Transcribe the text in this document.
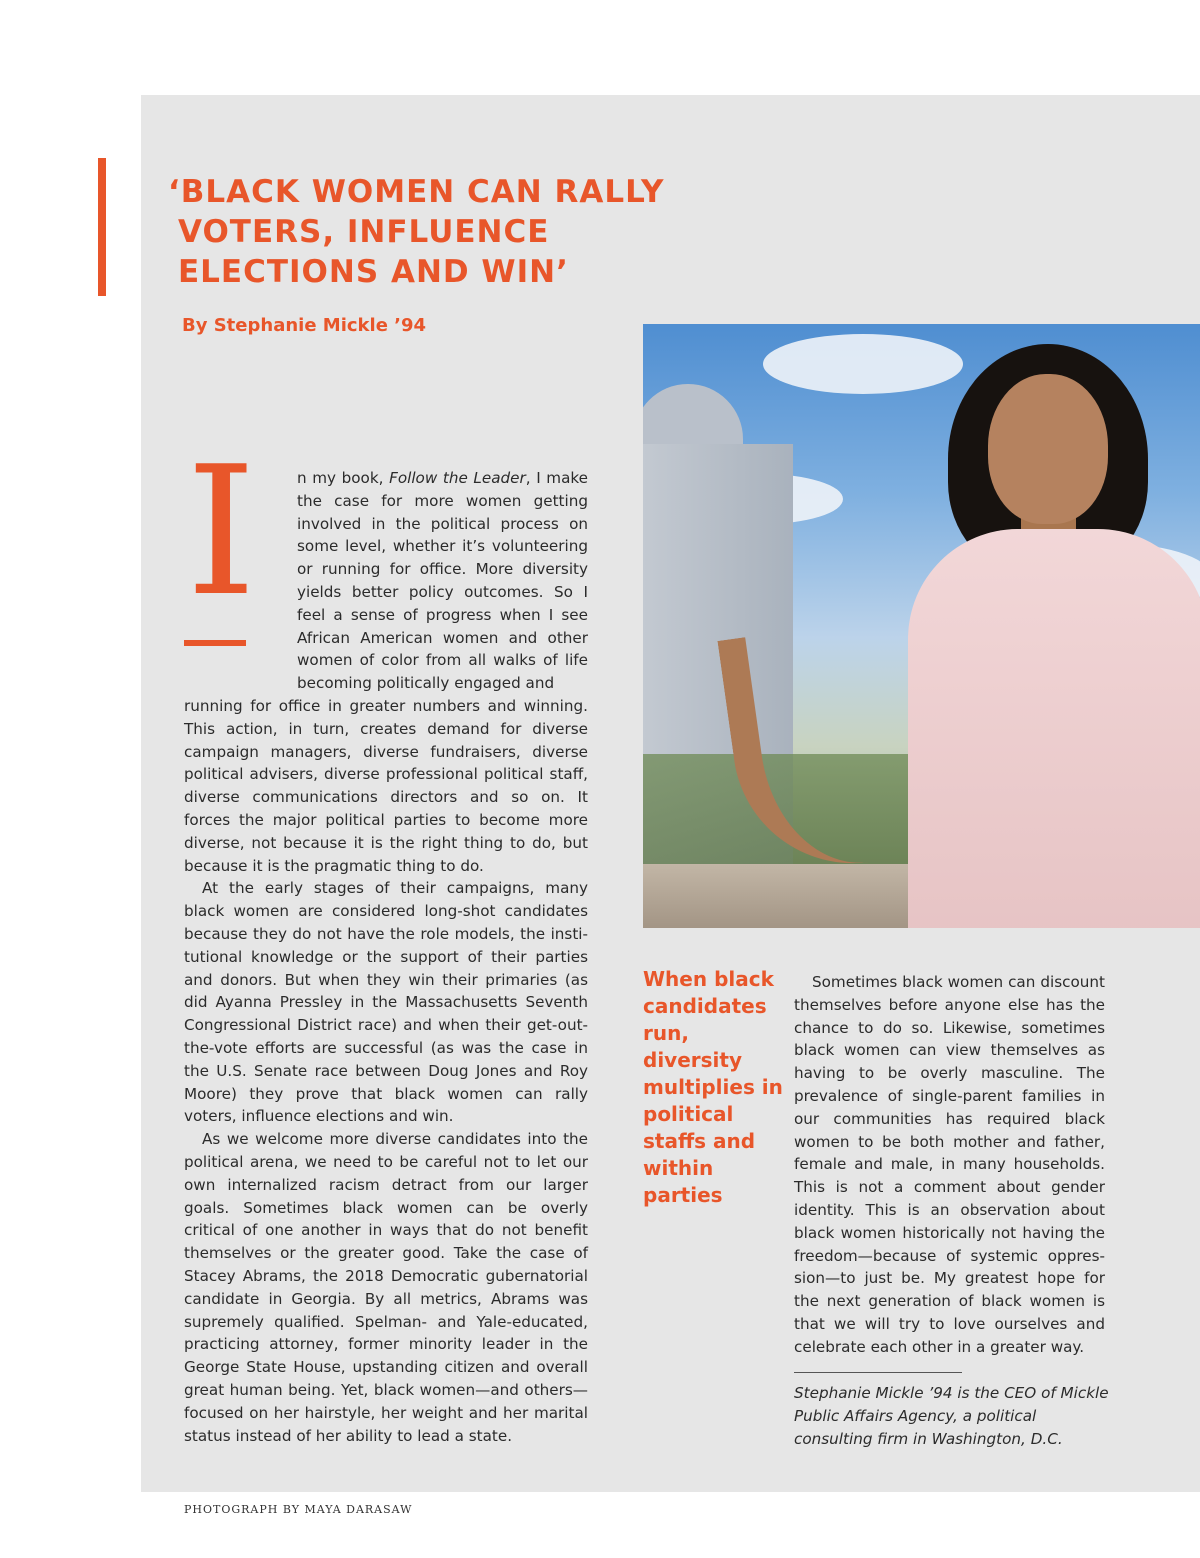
‘BLACK WOMEN CAN RALLY
VOTERS, INFLUENCE
ELECTIONS AND WIN’

By Stephanie Mickle ’94

I	n my book, Follow the Leader, I make the case for more women getting involved in the political process on some level, whether it’s volunteering or running for office. More diversity yields better policy outcomes. So I feel a sense of progress when I see African American women and other women of color from all walks of life becoming politically engaged and

running for office in greater numbers and winning. This action, in turn, creates demand for diverse campaign managers, diverse fundraisers, diverse political advisers, diverse professional political staff, diverse communications directors and so on. It forces the major political parties to become more diverse, not because it is the right thing to do, but because it is the pragmatic thing to do.

At the early stages of their campaigns, many black women are considered long-shot candidates because they do not have the role models, the institutional knowledge or the support of their parties and donors. But when they win their primaries (as did Ayanna Pressley in the Massachusetts Seventh Congressional District race) and when their get-out-the-vote efforts are successful (as was the case in the U.S. Senate race between Doug Jones and Roy Moore) they prove that black women can rally voters, influence elections and win.

As we welcome more diverse candidates into the political arena, we need to be careful not to let our own internalized racism detract from our larger goals. Sometimes black women can be overly critical of one another in ways that do not benefit themselves or the greater good. Take the case of Stacey Abrams, the 2018 Democratic gubernatorial candidate in Georgia. By all metrics, Abrams was supremely qualified. Spelman- and Yale-educated, practicing attorney, former minority leader in the George State House, upstanding citizen and overall great human being. Yet, black women—and others—focused on her hairstyle, her weight and her marital status instead of her ability to lead a state.

When black candidates run, diversity multiplies in political staffs and within parties

Sometimes black women can discount themselves before anyone else has the chance to do so. Likewise, sometimes black women can view themselves as having to be overly masculine. The prevalence of single-parent families in our communities has required black women to be both mother and father, female and male, in many households. This is not a comment about gender identity. This is an observation about black women historically not having the freedom—because of systemic oppression—to just be. My greatest hope for the next generation of black women is that we will try to love ourselves and celebrate each other in a greater way.

Stephanie Mickle ’94 is the CEO of Mickle Public Affairs Agency, a political consulting firm in Washington, D.C.

PHOTOGRAPH BY MAYA DARASAW
